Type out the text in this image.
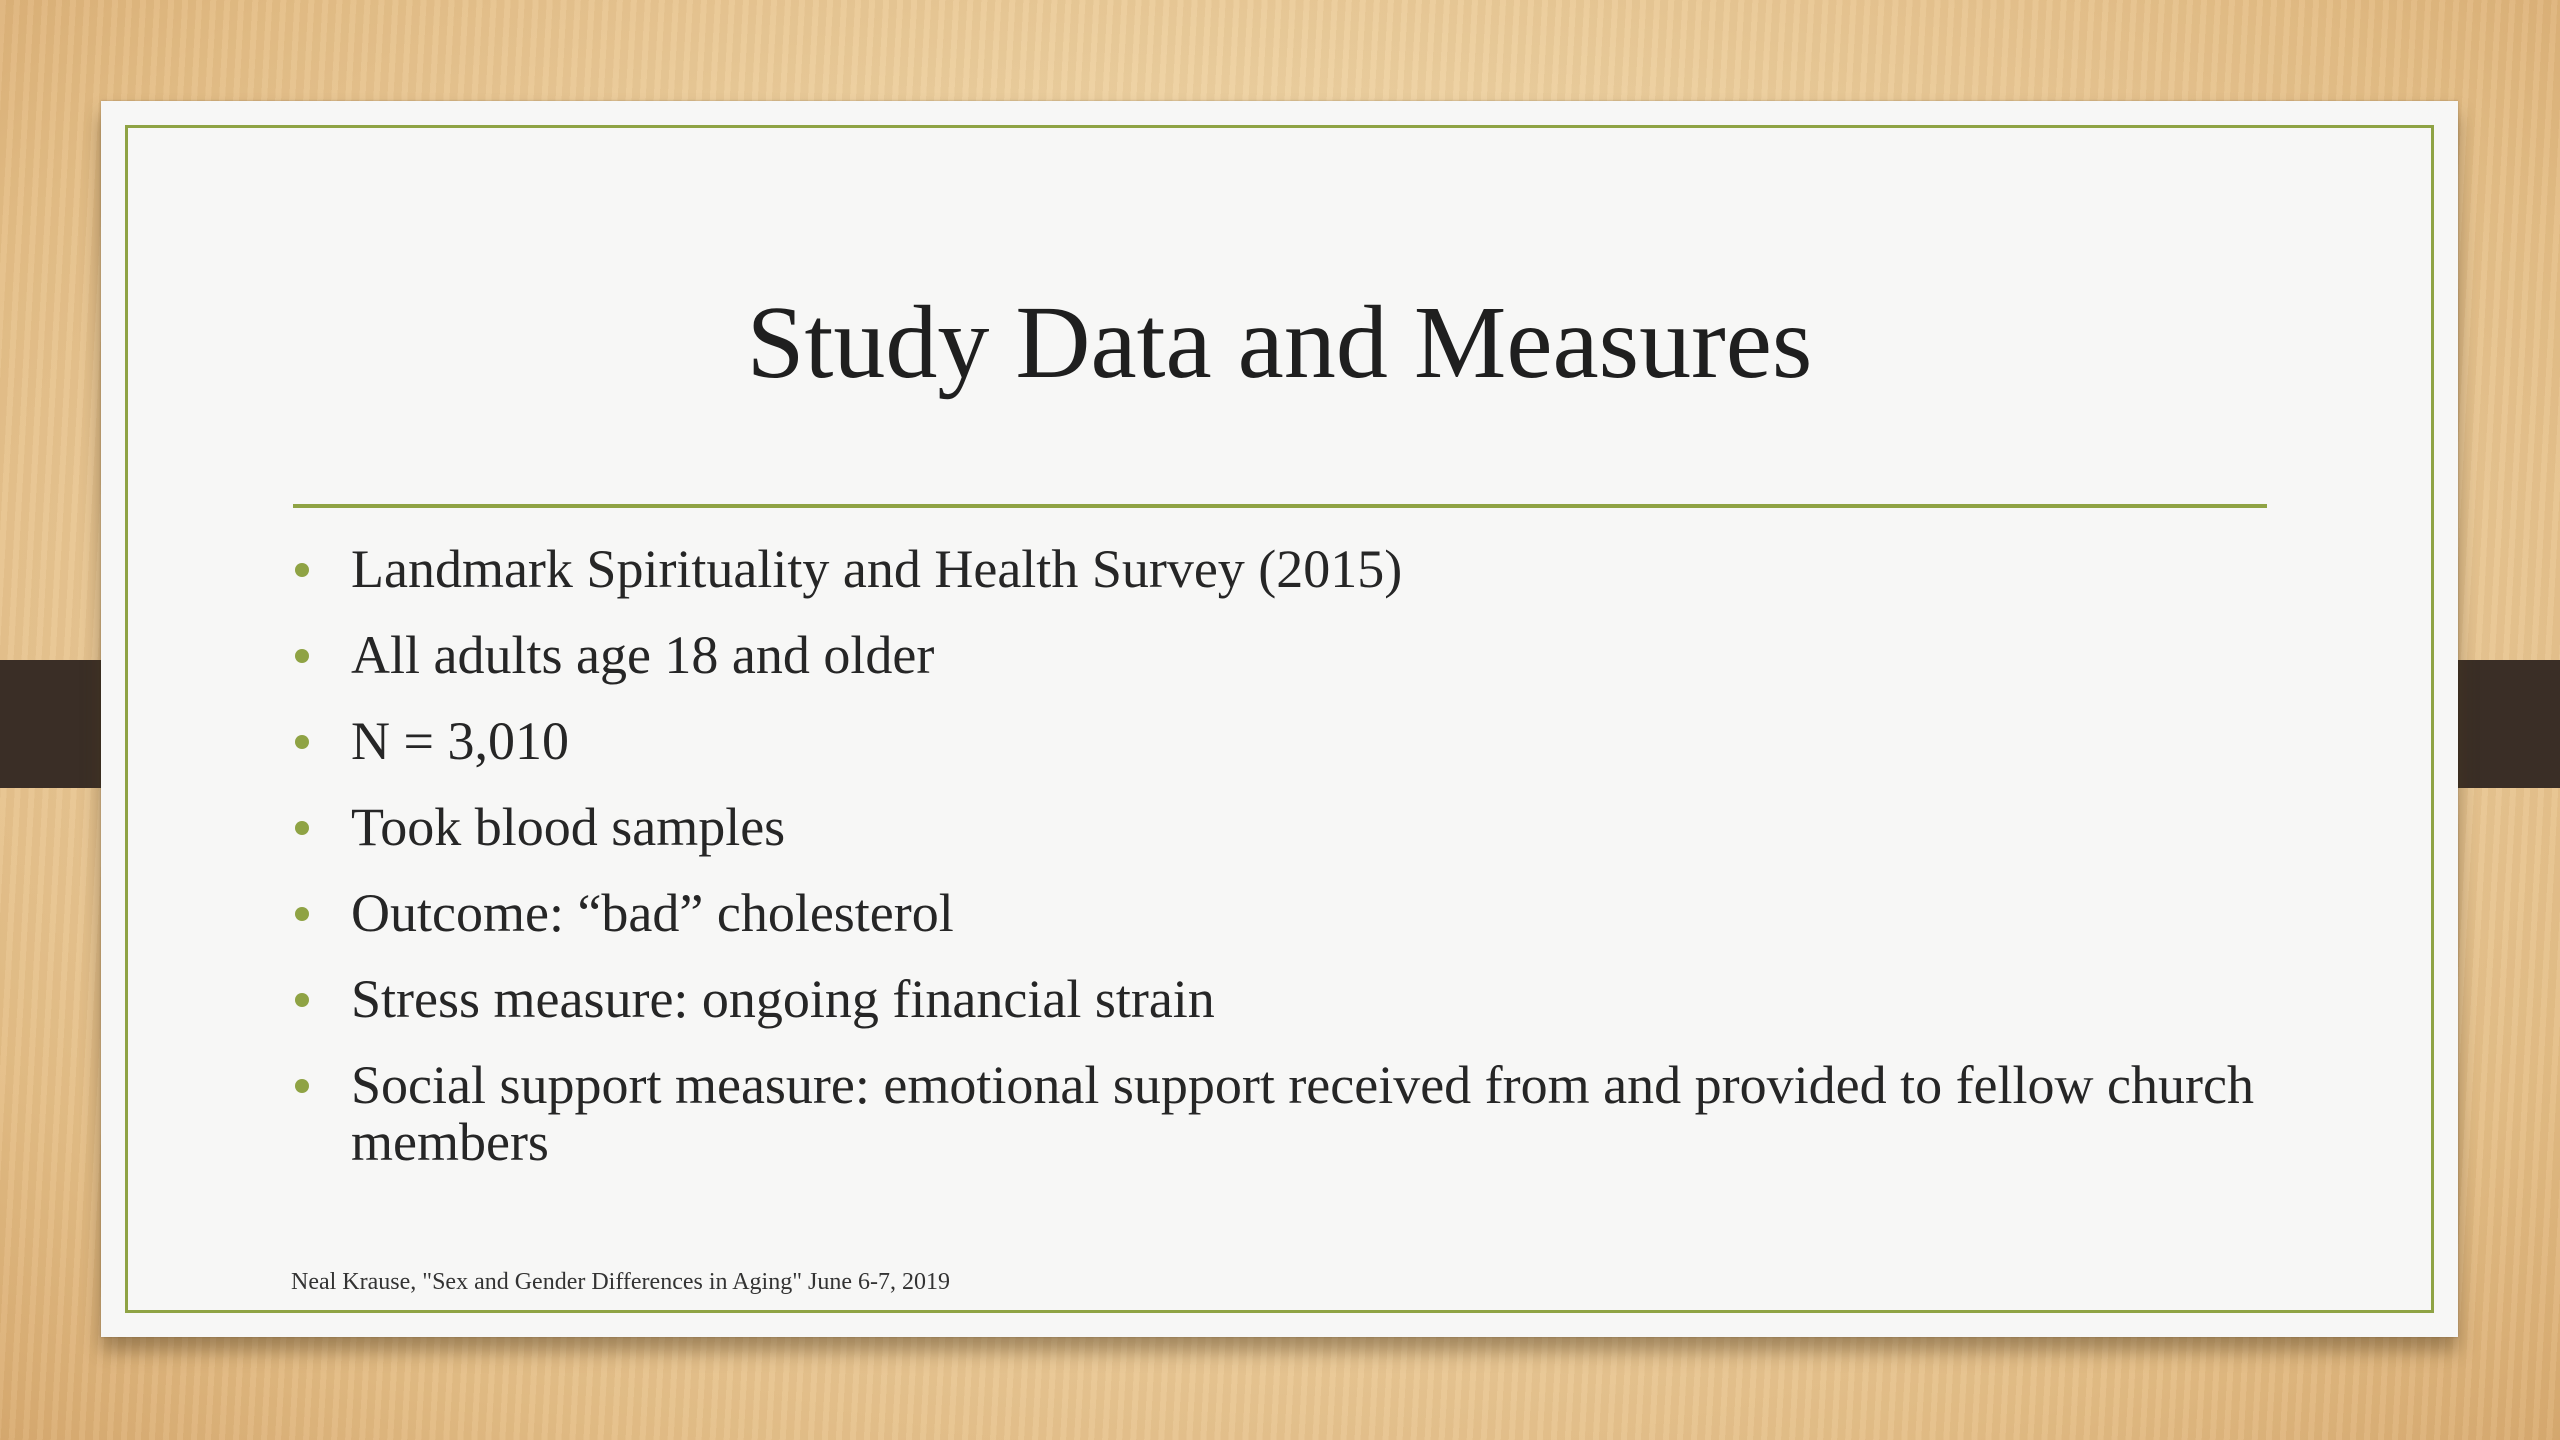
Study Data and Measures
Landmark Spirituality and Health Survey (2015)
All adults age 18 and older
N = 3,010
Took blood samples
Outcome: “bad” cholesterol
Stress measure: ongoing financial strain
Social support measure: emotional support received from and provided to fellow church members
Neal Krause, "Sex and Gender Differences in Aging" June 6-7, 2019
